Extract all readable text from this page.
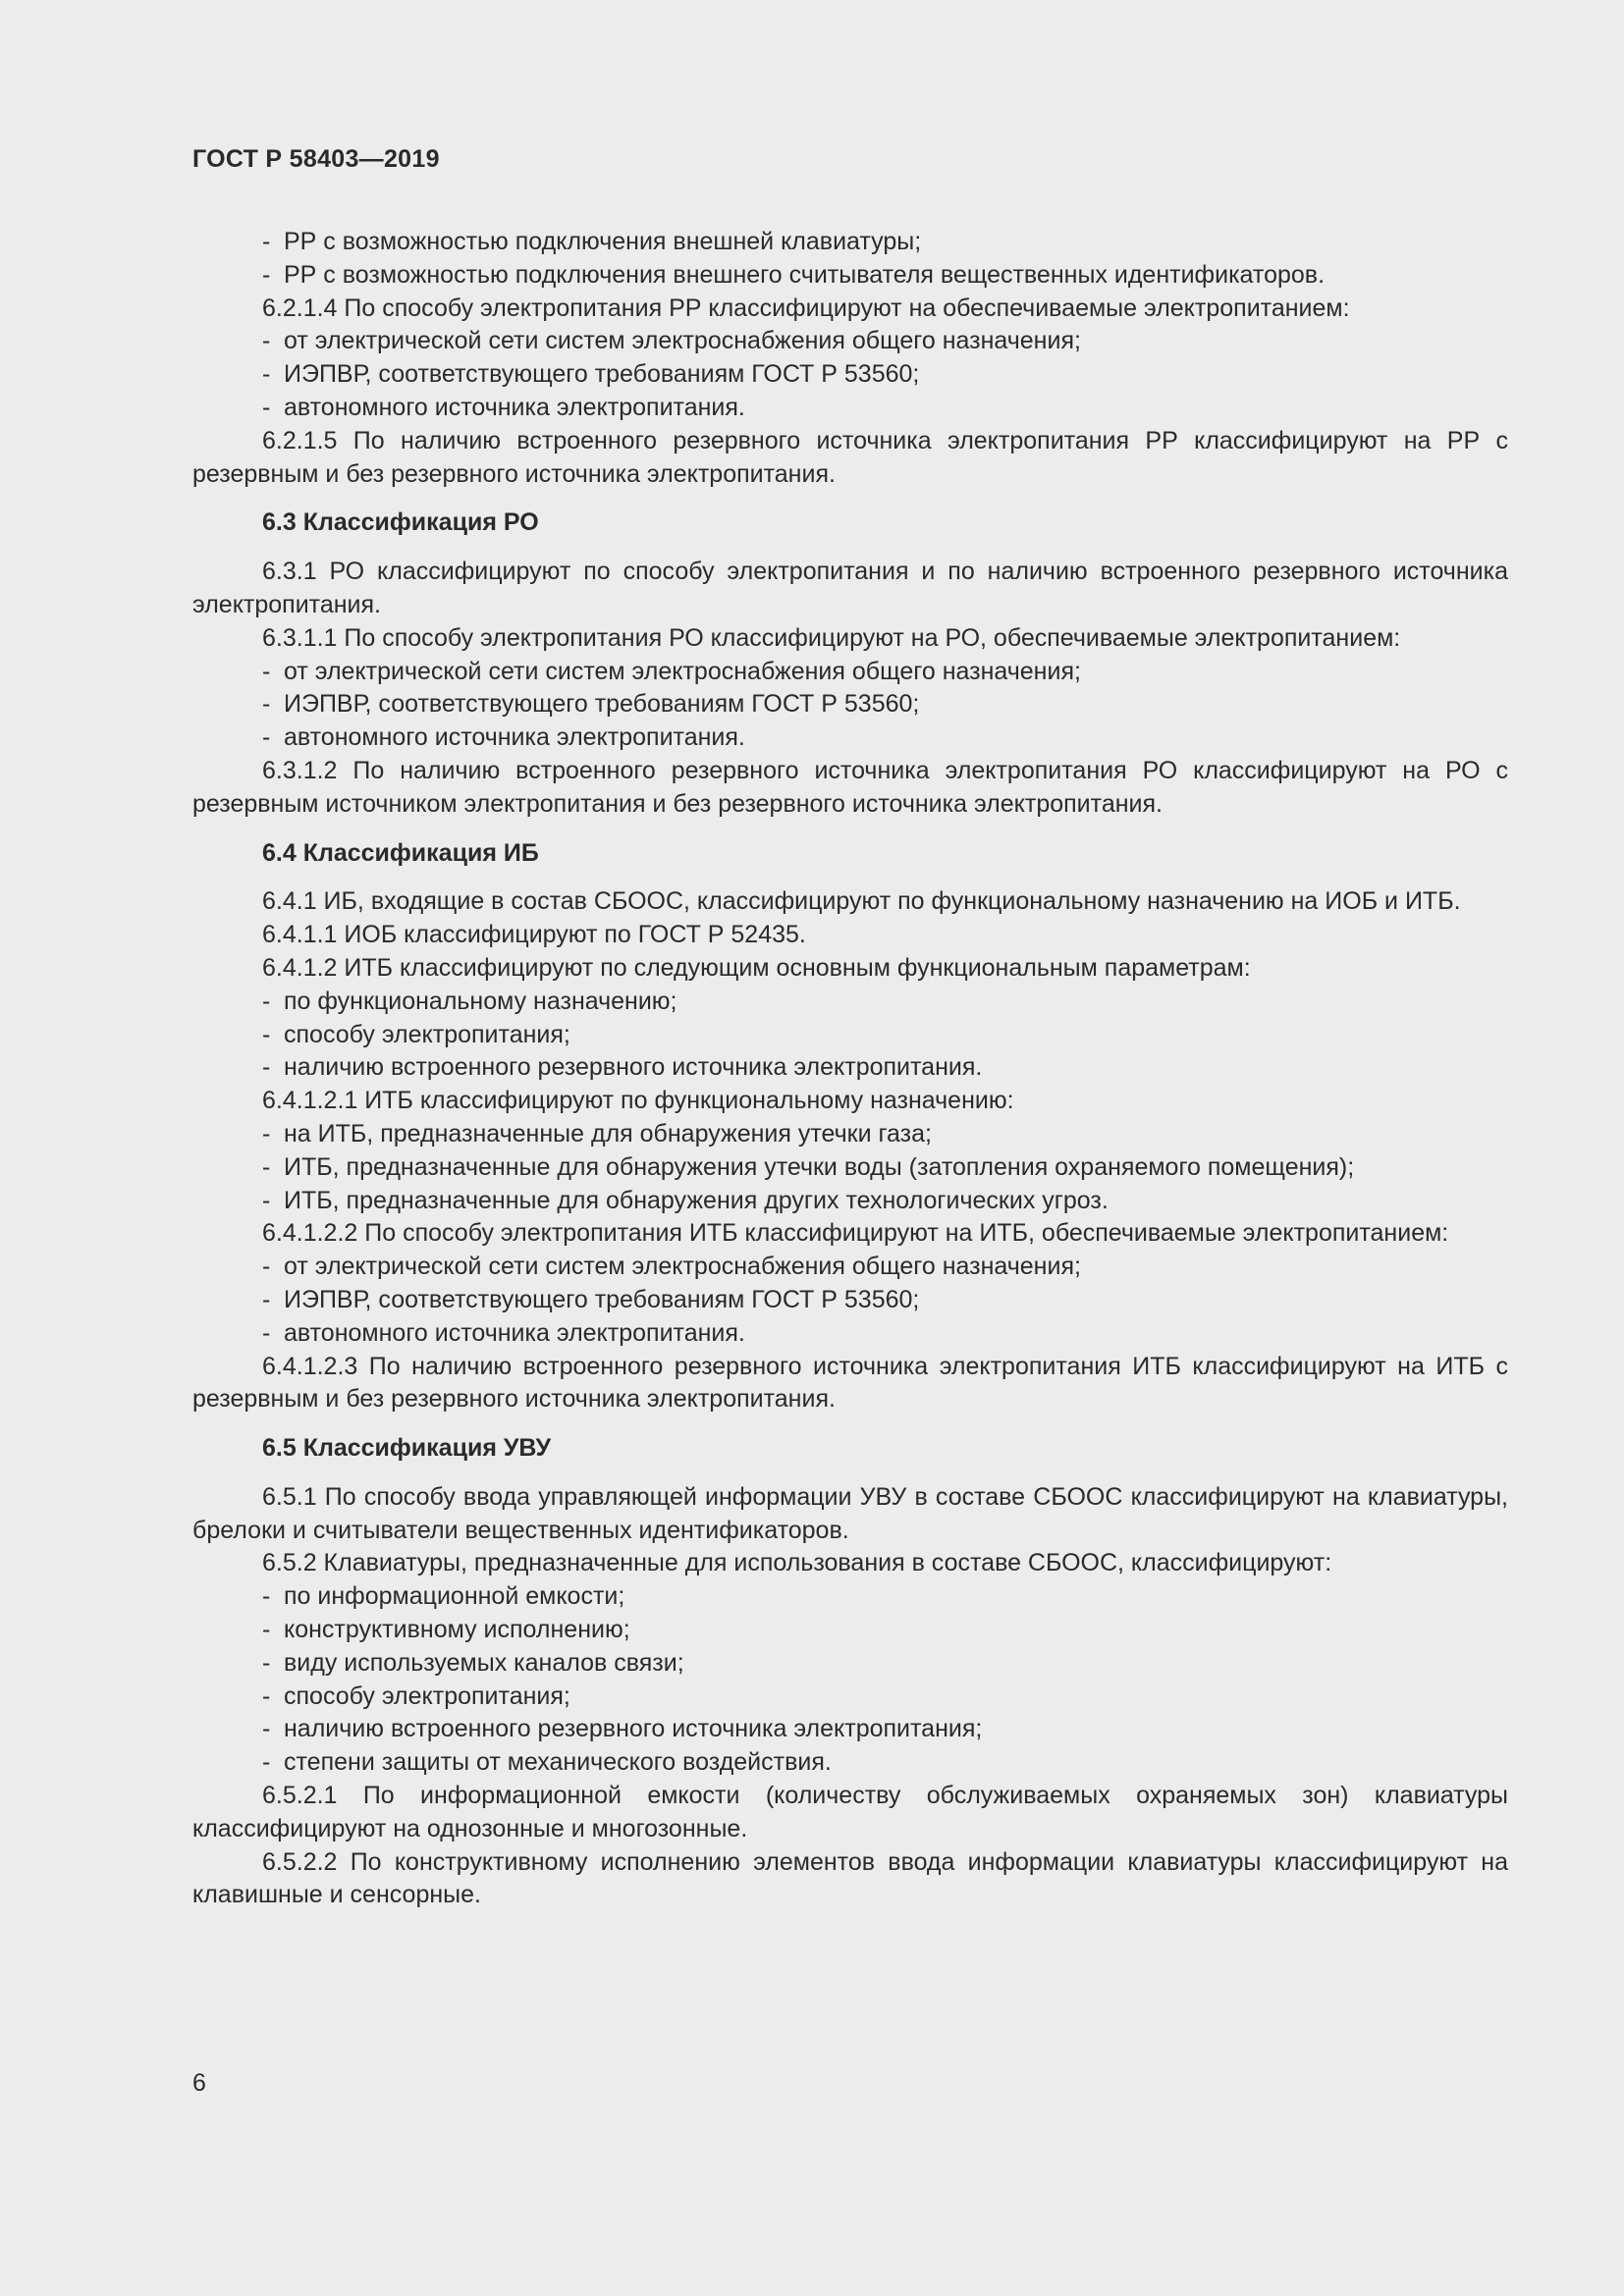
ГОСТ Р 58403—2019
- РР с возможностью подключения внешней клавиатуры;
- РР с возможностью подключения внешнего считывателя вещественных идентификаторов.

6.2.1.4 По способу электропитания РР классифицируют на обеспечиваемые электропитанием:

- от электрической сети систем электроснабжения общего назначения;
- ИЭПВР, соответствующего требованиям ГОСТ Р 53560;
- автономного источника электропитания.

6.2.1.5 По наличию встроенного резервного источника электропитания РР классифицируют на РР с резервным и без резервного источника электропитания.

6.3 Классификация РО

6.3.1 РО классифицируют по способу электропитания и по наличию встроенного резервного источника электропитания.

6.3.1.1 По способу электропитания РО классифицируют на РО, обеспечиваемые электропитанием:

- от электрической сети систем электроснабжения общего назначения;
- ИЭПВР, соответствующего требованиям ГОСТ Р 53560;
- автономного источника электропитания.

6.3.1.2 По наличию встроенного резервного источника электропитания РО классифицируют на РО с резервным источником электропитания и без резервного источника электропитания.

6.4 Классификация ИБ

6.4.1 ИБ, входящие в состав СБООС, классифицируют по функциональному назначению на ИОБ и ИТБ.

6.4.1.1 ИОБ классифицируют по ГОСТ Р 52435.

6.4.1.2 ИТБ классифицируют по следующим основным функциональным параметрам:

- по функциональному назначению;
- способу электропитания;
- наличию встроенного резервного источника электропитания.

6.4.1.2.1 ИТБ классифицируют по функциональному назначению:

- на ИТБ, предназначенные для обнаружения утечки газа;
- ИТБ, предназначенные для обнаружения утечки воды (затопления охраняемого помещения);
- ИТБ, предназначенные для обнаружения других технологических угроз.

6.4.1.2.2 По способу электропитания ИТБ классифицируют на ИТБ, обеспечиваемые электропитанием:

- от электрической сети систем электроснабжения общего назначения;
- ИЭПВР, соответствующего требованиям ГОСТ Р 53560;
- автономного источника электропитания.

6.4.1.2.3 По наличию встроенного резервного источника электропитания ИТБ классифицируют на ИТБ с резервным и без резервного источника электропитания.

6.5 Классификация УВУ

6.5.1 По способу ввода управляющей информации УВУ в составе СБООС классифицируют на клавиатуры, брелоки и считыватели вещественных идентификаторов.

6.5.2 Клавиатуры, предназначенные для использования в составе СБООС, классифицируют:

- по информационной емкости;
- конструктивному исполнению;
- виду используемых каналов связи;
- способу электропитания;
- наличию встроенного резервного источника электропитания;
- степени защиты от механического воздействия.

6.5.2.1 По информационной емкости (количеству обслуживаемых охраняемых зон) клавиатуры классифицируют на однозонные и многозонные.

6.5.2.2 По конструктивному исполнению элементов ввода информации клавиатуры классифицируют на клавишные и сенсорные.

6
